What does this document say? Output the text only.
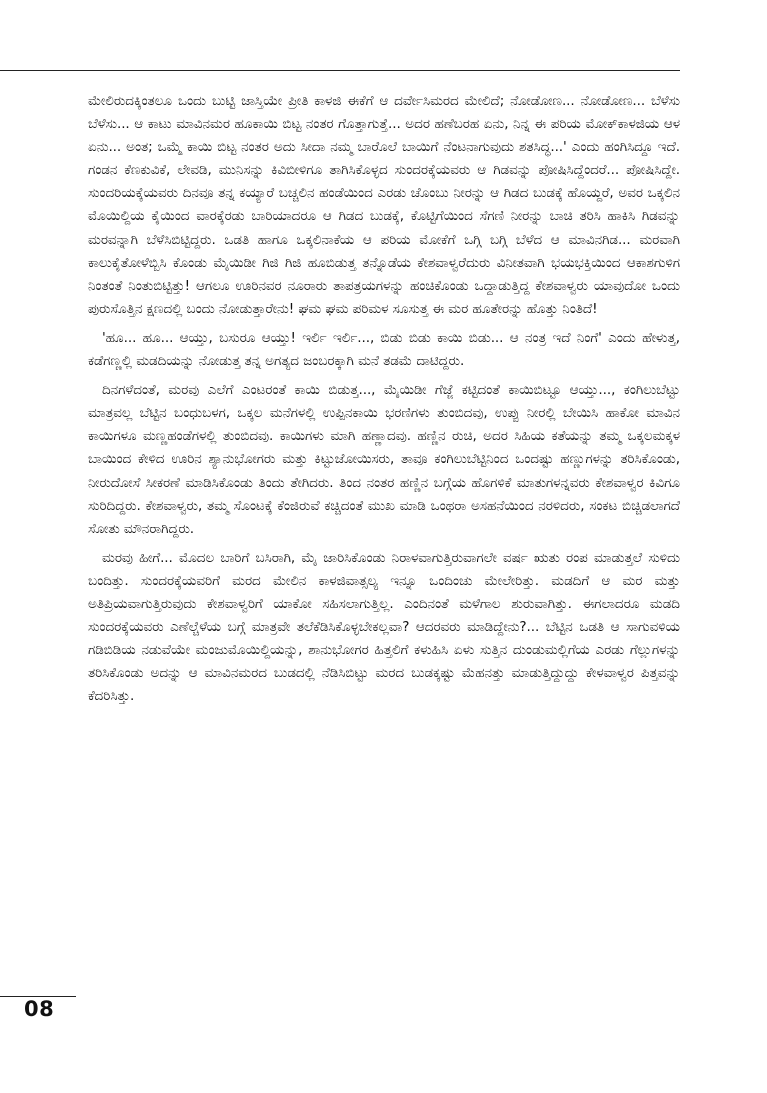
ಮೇಲಿರುದಕ್ಕಿಂತಲೂ ಒಂದು ಬುಟ್ಟಿ ಜಾಸ್ತಿಯೇ ಪ್ರೀತಿ ಕಾಳಜಿ ಈಕೆಗೆ ಆ ದರ್ವೇಸಿಮರದ ಮೇಲಿದೆ; ನೋಡೋಣ... ನೋಡೋಣ... ಬೆಳೆಸು ಬೆಳೆಸು... ಆ ಕಾಟು ಮಾವಿನಮರ ಹೂಕಾಯಿ ಬಿಟ್ಟ ನಂತರ ಗೊತ್ತಾಗುತ್ತೆ... ಅದರ ಹಣೆಬರಹ ಏನು, ನಿನ್ನ ಈ ಪರಿಯ ಮೋಕ್‌ಕಾಳಜಿಯ ಆಳ ಏನು... ಅಂತ; ಒಮ್ಮೆ ಕಾಯಿ ಬಿಟ್ಟ ನಂತರ ಅದು ಸೀದಾ ನಮ್ಮ ಬಾರೊಲೆ ಬಾಯಿಗೆ ನೆಂಟನಾಗುವುದು ಶತಸಿದ್ಧ...' ಎಂದು ಹಂಗಿಸಿದ್ದೂ ಇದೆ. ಗಂಡನ ಕೆಣಕುವಿಕೆ, ಲೇವಡಿ, ಮುನಿಸನ್ನು ಕಿವಿಬೀಳಿಗೂ ತಾಗಿಸಿಕೊಳ್ಳದ ಸುಂದರಕ್ಕೆಯವರು ಆ ಗಿಡವನ್ನು ಪೋಷಿಸಿದ್ದೆಂದರೆ... ಪೋಷಿಸಿದ್ದೇ. ಸುಂದರಿಯಕ್ಕೆಯವರು ದಿನವೂ ತನ್ನ ಕಯ್ಯಾರೆ ಬಚ್ಚಲಿನ ಹಂಡೆಯಿಂದ ಎರಡು ಚೊಂಬು ನೀರನ್ನು ಆ ಗಿಡದ ಬುಡಕ್ಕೆ ಹೊಯ್ದರೆ, ಅವರ ಒಕ್ಕಲಿನ ಮೊಯಿಲ್ದಿಯ ಕೈಯಿಂದ ವಾರಕ್ಕೆರಡು ಬಾರಿಯಾದರೂ ಆ ಗಿಡದ ಬುಡಕ್ಕೆ, ಕೊಟ್ಟಿಗೆಯಿಂದ ಸೆಗಣಿ ನೀರನ್ನು ಬಾಚಿ ತರಿಸಿ ಹಾಕಿಸಿ ಗಿಡವನ್ನು ಮರವನ್ನಾಗಿ ಬೆಳೆಸಿಬಿಟ್ಟಿದ್ದರು. ಒಡತಿ ಹಾಗೂ ಒಕ್ಕಲಿನಾಕೆಯ ಆ ಪರಿಯ ಮೋಕೆಗೆ ಒಗ್ಗಿ ಬಗ್ಗಿ ಬೆಳೆದ ಆ ಮಾವಿನಗಿಡ... ಮರವಾಗಿ ಕಾಲುಕೈತೋಳೆಬ್ಬಿಸಿ ಕೊಂಡು ಮೈಯಿಡೀ ಗಿಜಿ ಗಿಜಿ ಹೂಬಿಡುತ್ತ ತನ್ನೊಡೆಯ ಕೇಶವಾಳ್ವರೆದುರು ವಿನೀತವಾಗಿ ಭಯಭಕ್ತಿಯಿಂದ ಆಕಾಶಗುಳಿಗ ನಿಂತಂತೆ ನಿಂತುಬಿಟ್ಟಿತ್ತು! ಆಗಲೂ ಊರಿನವರ ನೂರಾರು ತಾಪತ್ರಯಗಳನ್ನು ಹಂಚಿಕೊಂಡು ಒದ್ದಾಡುತ್ತಿದ್ದ ಕೇಶವಾಳ್ವರು ಯಾವುದೋ ಒಂದು ಪುರುಸೊತ್ತಿನ ಕ್ಷಣದಲ್ಲಿ ಬಂದು ನೋಡುತ್ತಾರೇನು! ಘಮ ಘಮ ಪರಿಮಳ ಸೂಸುತ್ತ ಈ ಮರ ಹೂತೇರನ್ನು ಹೊತ್ತು ನಿಂತಿದೆ!

'ಹೂ... ಹೂ... ಆಯ್ತು, ಬಸುರೂ ಆಯ್ತು! ಇರ್ಲಿ ಇರ್ಲಿ..., ಬಿಡು ಬಿಡು ಕಾಯಿ ಬಿಡು... ಆ ನಂತ್ರ ಇದೆ ನಿಂಗೆ' ಎಂದು ಹೇಳುತ್ತ, ಕಡೆಗಣ್ಣಲ್ಲಿ ಮಡದಿಯನ್ನು ನೋಡುತ್ತ ತನ್ನ ಅಗತ್ಯದ ಜಂಬರಕ್ಕಾಗಿ ಮನೆ ತಡಮೆ ದಾಟಿದ್ದರು.

ದಿನಗಳೆದಂತೆ, ಮರವು ಎಲೆಗೆ ಎಂಟರಂತೆ ಕಾಯಿ ಬಿಡುತ್ತ..., ಮೈಯಿಡೀ ಗೆಜ್ಜೆ ಕಟ್ಟಿದಂತೆ ಕಾಯಿಬಿಟ್ಟೂ ಆಯ್ತು..., ಕಂಗಿಲುಬೆಟ್ಟು ಮಾತ್ರವಲ್ಲ ಬೆಟ್ಟಿನ ಬಂಧುಬಳಗ, ಒಕ್ಕಲ ಮನೆಗಳಲ್ಲಿ ಉಪ್ಪಿನಕಾಯಿ ಭರಣಿಗಳು ತುಂಬಿದವು, ಉಪ್ಪು ನೀರಲ್ಲಿ ಬೇಯಿಸಿ ಹಾಕೋ ಮಾವಿನ ಕಾಯಿಗಳೂ ಮಣ್ಣಹಂಡೆಗಳಲ್ಲಿ ತುಂಬಿದವು. ಕಾಯಿಗಳು ಮಾಗಿ ಹಣ್ಣಾದವು. ಹಣ್ಣಿನ ರುಚಿ, ಅದರ ಸಿಹಿಯ ಕತೆಯನ್ನು ತಮ್ಮ ಒಕ್ಕಲಮಕ್ಕಳ ಬಾಯಿಂದ ಕೇಳಿದ ಊರಿನ ಶ್ಯಾನುಭೋಗರು ಮತ್ತು ಕಿಟ್ಟುಜೋಯಿಸರು, ತಾವೂ ಕಂಗಿಲುಬೆಟ್ಟಿನಿಂದ ಒಂದಷ್ಟು ಹಣ್ಣುಗಳನ್ನು ತರಿಸಿಕೊಂಡು, ನೀರುದೋಸೆ ಸೀಕರಣೆ ಮಾಡಿಸಿಕೊಂಡು ತಿಂದು ತೇಗಿದರು. ತಿಂದ ನಂತರ ಹಣ್ಣಿನ ಬಗ್ಗೆಯ ಹೊಗಳಿಕೆ ಮಾತುಗಳನ್ನವರು ಕೇಶವಾಳ್ವರ ಕಿವಿಗೂ ಸುರಿದಿದ್ದರು. ಕೇಶವಾಳ್ವರು, ತಮ್ಮ ಸೊಂಟಕ್ಕೆ ಕೆಂಜಿರುವೆ ಕಚ್ಚಿದಂತೆ ಮುಖ ಮಾಡಿ ಒಂಥರಾ ಅಸಹನೆಯಿಂದ ನರಳಿದರು, ಸಂಕಟ ಬಿಚ್ಚಿಡಲಾಗದೆ ಸೋತು ಮೌನರಾಗಿದ್ದರು.

ಮರವು ಹೀಗೆ... ಮೊದಲ ಬಾರಿಗೆ ಬಸಿರಾಗಿ, ಮೈ ಜಾರಿಸಿಕೊಂಡು ನಿರಾಳವಾಗುತ್ತಿರುವಾಗಲೇ ವರ್ಷ ಋತು ರಂಪ ಮಾಡುತ್ತಲೆ ಸುಳಿದು ಬಂದಿತ್ತು. ಸುಂದರಕ್ಕೆಯವರಿಗೆ ಮರದ ಮೇಲಿನ ಕಾಳಜಿವಾತ್ಸಲ್ಯ ಇನ್ನೂ ಒಂದಿಂಚು ಮೇಲೇರಿತ್ತು. ಮಡದಿಗೆ ಆ ಮರ ಮತ್ತು ಅತಿಪ್ರಿಯವಾಗುತ್ತಿರುವುದು ಕೇಶವಾಳ್ವರಿಗೆ ಯಾಕೋ ಸಹಿಸಲಾಗುತ್ತಿಲ್ಲ. ಎಂದಿನಂತೆ ಮಳೆಗಾಲ ಶುರುವಾಗಿತ್ತು. ಈಗಲಾದರೂ ಮಡದಿ ಸುಂದರಕ್ಕೆಯವರು ಎಣೆಲ್ಚೆಳೆಯ ಬಗ್ಗೆ ಮಾತ್ರವೇ ತಲೆಕೆಡಿಸಿಕೊಳ್ಳಬೇಕಲ್ಲವಾ? ಆದರವರು ಮಾಡಿದ್ದೇನು?... ಬೆಟ್ಟಿನ ಒಡತಿ ಆ ಸಾಗುವಳಿಯ ಗಡಿಬಿಡಿಯ ನಡುವೆಯೇ ಮಂಜುಮೊಯಿಲ್ದಿಯನ್ನು, ಶಾನುಭೋಗರ ಹಿತ್ತಲಿಗೆ ಕಳುಹಿಸಿ ಏಳು ಸುತ್ತಿನ ದುಂಡುಮಲ್ಲಿಗೆಯ ಎರಡು ಗೆಲ್ಲುಗಳನ್ನು ತರಿಸಿಕೊಂಡು ಅದನ್ನು ಆ ಮಾವಿನಮರದ ಬುಡದಲ್ಲಿ ನೆಡಿಸಿಬಿಟ್ಟು ಮರದ ಬುಡಕ್ಕಷ್ಟು ಮೆಹನತ್ತು ಮಾಡುತ್ತಿದ್ದುದ್ದು ಕೇಳವಾಳ್ವರ ಪಿತ್ತವನ್ನು ಕೆದರಿಸಿತ್ತು.

08
